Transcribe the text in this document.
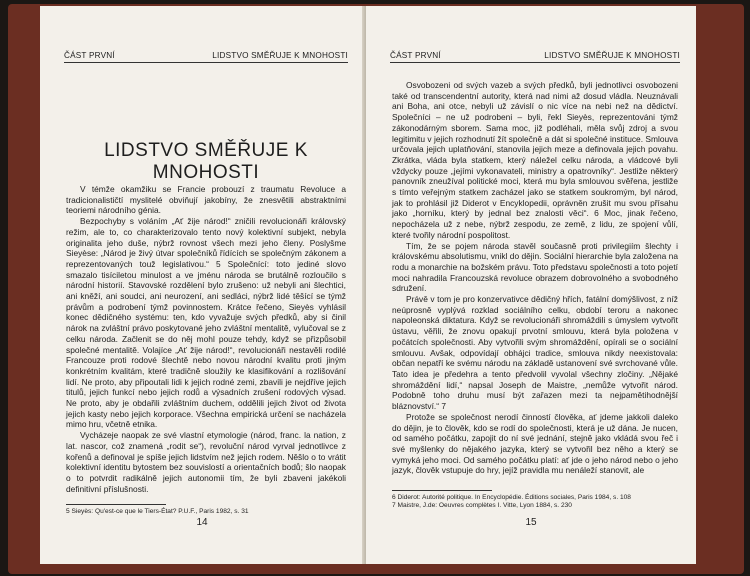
ČÁST PRVNÍ	LIDSTVO SMĚŘUJE K MNOHOSTI
LIDSTVO SMĚŘUJE K MNOHOSTI

V témže okamžiku se Francie probouzí z traumatu Revoluce a tradicionalističtí myslitelé obviňují jakobíny, že znesvětili abstraktními teoriemi národního génia.

Bezpochyby s voláním „Ať žije národ!“ zničili revolucionáři královský režim, ale to, co charakterizovalo tento nový kolektivní subjekt, nebyla originalita jeho duše, nýbrž rovnost všech mezi jeho členy. Poslyšme Sieyèse: „Národ je živý útvar společníků řídících se společným zákonem a reprezentovaných touž legislativou.“ 5 Společnící: toto jediné slovo smazalo tisíciletou minulost a ve jménu národa se brutálně rozloučilo s národní historií. Stavovské rozdělení bylo zrušeno: už nebyli ani šlechtici, ani kněží, ani soudci, ani neurození, ani sedláci, nýbrž lidé těšící se týmž právům a podrobení týmž povinnostem. Krátce řečeno, Sieyès vyhlásil konec dědičného systému: ten, kdo vyvažuje svých předků, aby si činil nárok na zvláštní právo poskytované jeho zvláštní mentalitě, vylučoval se z celku národa. Začlenit se do něj mohl pouze tehdy, když se přizpůsobil společné mentalitě. Volajíce „Ať žije národ!“, revolucionáři nestavěli rodilé Francouze proti rodové šlechtě nebo novou národní kvalitu proti jiným konkrétním kvalitám, které tradičně sloužily ke klasifikování a rozlišování lidí. Ne proto, aby připoutali lidi k jejich rodné zemi, zbavili je nejdříve jejich titulů, jejich funkcí nebo jejich rodů a výsadních zrušení rodových výsad. Ne proto, aby je obdařili zvláštním duchem, oddělili jejich život od života jejich kasty nebo jejich korporace. Všechna empirická určení se nacházela mimo hru, včetně etnika.

Vycházeje naopak ze své vlastní etymologie (národ, franc. la nation, z lat. nascor, což znamená „rodit se“), revoluční národ vyrval jednotlivce z kořenů a definoval je spíše jejich lidstvím než jejich rodem. Něšlo o to vrátit kolektivní identitu bytostem bez souvislostí a orientačních bodů; šlo naopak o to potvrdit radikálně jejich autonomii tím, že byli zbaveni jakékoli definitivní příslušnosti.

5 Sieyès: Qu'est-ce que le Tiers-État? P.U.F., Paris 1982, s. 31

14
ČÁST PRVNÍ	LIDSTVO SMĚŘUJE K MNOHOSTI

Osvobozeni od svých vazeb a svých předků, byli jednotlivci osvobozeni také od transcendentní autority, která nad nimi až dosud vládla. Neuznávali ani Boha, ani otce, nebyli už závislí o nic více na nebi než na dědictví. Společníci – ne už podrobeni – byli, řekl Sieyès, reprezentováni týmž zákonodárným sborem. Sama moc, již podléhali, měla svůj zdroj a svou legitimitu v jejich rozhodnutí žít společně a dát si společné instituce. Smlouva určovala jejich uplatňování, stanovila jejich meze a definovala jejich povahu. Zkrátka, vláda byla statkem, který náležel celku národa, a vládcové byli vždycky pouze „jejími vykonavateli, ministry a opatrovníky“. Jestliže některý panovník zneužíval politické moci, která mu byla smlouvou svěřena, jestliže s tímto veřejným statkem zacházel jako se statkem soukromým, byl národ, jak to prohlásil již Diderot v Encyklopedii, oprávněn zrušit mu svou přísahu jako „horníku, který by jednal bez znalosti věci“. 6 Moc, jinak řečeno, nepocházela už z nebe, nýbrž zespodu, ze země, z lidu, ze spojení vůlí, které tvořily národní pospolitost.

Tím, že se pojem národa stavěl současně proti privilegiím šlechty i královskému absolutismu, vnikl do dějin. Sociální hierarchie byla založena na rodu a monarchie na božském právu. Toto představu společnosti a toto pojetí moci nahradila Francouzská revoluce obrazem dobrovolného a svobodného sdružení.

Právě v tom je pro konzervativce dědičný hřích, fatální domýšlivost, z níž neúprosně vyplývá rozklad sociálního celku, období teroru a nakonec napoleonská diktatura. Když se revolucionáři shromáždili s úmyslem vytvořit ústavu, věřili, že znovu opakují prvotní smlouvu, která byla položena v počátcích společnosti. Aby vytvořili svým shromáždění, opírali se o sociální smlouvu. Avšak, odpovídají obhájci tradice, smlouva nikdy neexistovala: občan nepatří ke svému národu na základě ustanovení své svrchované vůle. Tato idea je předehra a tento předvolil vyvolal všechny zločiny. „Nějaké shromáždění lidí,“ napsal Joseph de Maistre, „nemůže vytvořit národ. Podobně toho druhu musí být zařazen mezi ta nejpamětihodnější bláznovství.“ 7

Protože se společnost nerodí činností člověka, ať jdeme jakkoli daleko do dějin, je to člověk, kdo se rodí do společnosti, která je už dána. Je nucen, od samého počátku, zapojit do ní své jednání, stejně jako vkládá svou řeč i své myšlenky do nějakého jazyka, který se vytvořil bez něho a který se vymyká jeho moci. Od samého počátku platí: ať jde o jeho národ nebo o jeho jazyk, člověk vstupuje do hry, jejíž pravidla mu nenáleží stanovit, ale

6 Diderot: Autorité politique. In Encyclopédie. Éditions sociales, Paris 1984, s. 108

7 Maistre, J.de: Oeuvres complètes I. Vitte, Lyon 1884, s. 230

15
